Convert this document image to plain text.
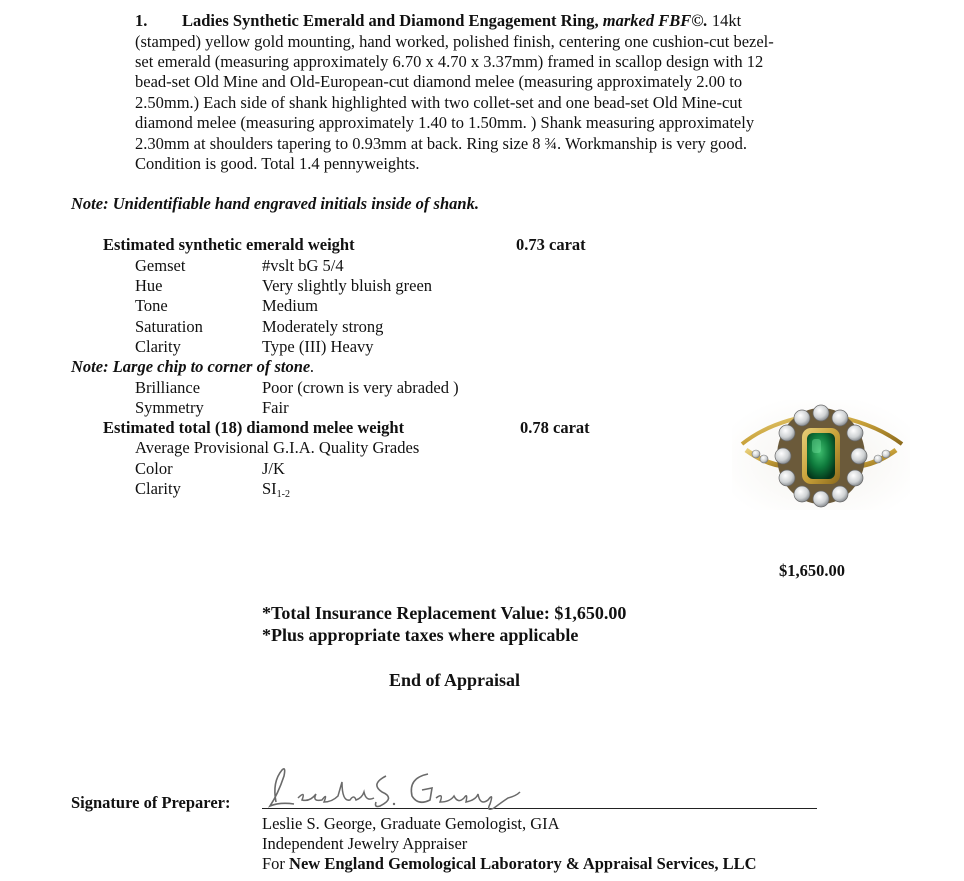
1. Ladies Synthetic Emerald and Diamond Engagement Ring, marked FBF©. 14kt
(stamped) yellow gold mounting, hand worked, polished finish, centering one cushion-cut bezel-
set emerald (measuring approximately 6.70 x 4.70 x 3.37mm) framed in scallop design with 12
bead-set Old Mine and Old-European-cut diamond melee (measuring approximately 2.00 to
2.50mm.) Each side of shank highlighted with two collet-set and one bead-set Old Mine-cut
diamond melee (measuring approximately 1.40 to 1.50mm. ) Shank measuring approximately
2.30mm at shoulders tapering to 0.93mm at back. Ring size 8 ¾. Workmanship is very good.
Condition is good. Total 1.4 pennyweights.
Note: Unidentifiable hand engraved initials inside of shank.
Estimated synthetic emerald weight	0.73 carat
Gemset	#vslt bG 5/4
Hue	Very slightly bluish green
Tone	Medium
Saturation	Moderately strong
Clarity	Type (III) Heavy
Note: Large chip to corner of stone.
Brilliance	Poor (crown is very abraded )
Symmetry	Fair
Estimated total (18) diamond melee weight	0.78 carat
Average Provisional G.I.A. Quality Grades
Color	J/K
Clarity	$SI_{1-2}$
$1,650.00
*Total Insurance Replacement Value: $1,650.00
*Plus appropriate taxes where applicable
End of Appraisal
Signature of Preparer:
Leslie S. George, Graduate Gemologist, GIA
Independent Jewelry Appraiser
For New England Gemological Laboratory & Appraisal Services, LLC
